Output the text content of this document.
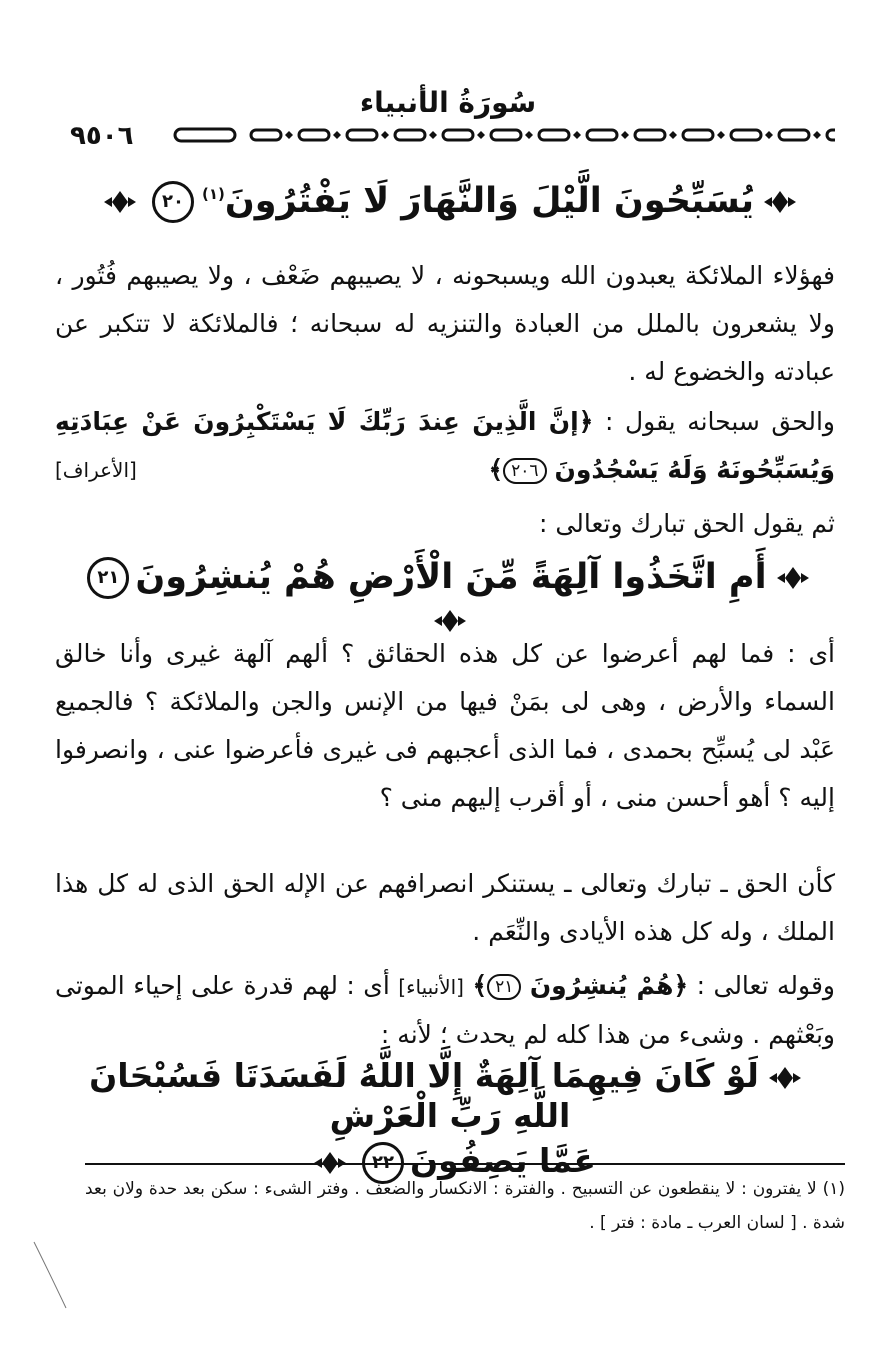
سُورَةُ الأنبياء
٩٥٠٦
يُسَبِّحُونَ الَّيْلَ وَالنَّهَارَ لَا يَفْتُرُونَ$^{(١)}$٢٠

فهؤلاء الملائكة يعبدون الله ويسبحونه ، لا يصيبهم ضَعْف ، ولا يصيبهم فُتُور ، ولا يشعرون بالملل من العبادة والتنزيه له سبحانه ؛ فالملائكة لا تتكبر عن عبادته والخضوع له .

والحق سبحانه يقول : ﴿إنَّ الَّذِينَ عِندَ رَبِّكَ لَا يَسْتَكْبِرُونَ عَنْ عِبَادَتِهِ وَيُسَبِّحُونَهُ وَلَهُ يَسْجُدُونَ ٢٠٦﴾
[الأعراف]

ثم يقول الحق تبارك وتعالى :

أَمِ اتَّخَذُوا آلِهَةً مِّنَ الْأَرْضِ هُمْ يُنشِرُونَ٢١

أى : فما لهم أعرضوا عن كل هذه الحقائق ؟ ألهم آلهة غيرى وأنا خالق السماء والأرض ، وهى لى بمَنْ فيها من الإنس والجن والملائكة ؟ فالجميع عَبْد لى يُسبِّح بحمدى ، فما الذى أعجبهم فى غيرى فأعرضوا عنى ، وانصرفوا إليه ؟ أهو أحسن منى ، أو أقرب إليهم منى ؟

كأن الحق ـ تبارك وتعالى ـ يستنكر انصرافهم عن الإله الحق الذى له كل هذا الملك ، وله كل هذه الأيادى والنِّعَم .

وقوله تعالى : ﴿هُمْ يُنشِرُونَ ٢١﴾ [الأنبياء] أى : لهم قدرة على إحياء الموتى وبَعْثهم . وشىء من هذا كله لم يحدث ؛ لأنه :

لَوْ كَانَ فِيهِمَا آلِهَةٌ إِلَّا اللَّهُ لَفَسَدَتَا فَسُبْحَانَ اللَّهِ رَبِّ الْعَرْشِ
عَمَّا يَصِفُونَ٢٢
(١) لا يفترون : لا ينقطعون عن التسبيح . والفترة : الانكسار والضعف . وفتر الشىء : سكن بعد حدة ولان بعد شدة . [ لسان العرب ـ مادة : فتر ] .
